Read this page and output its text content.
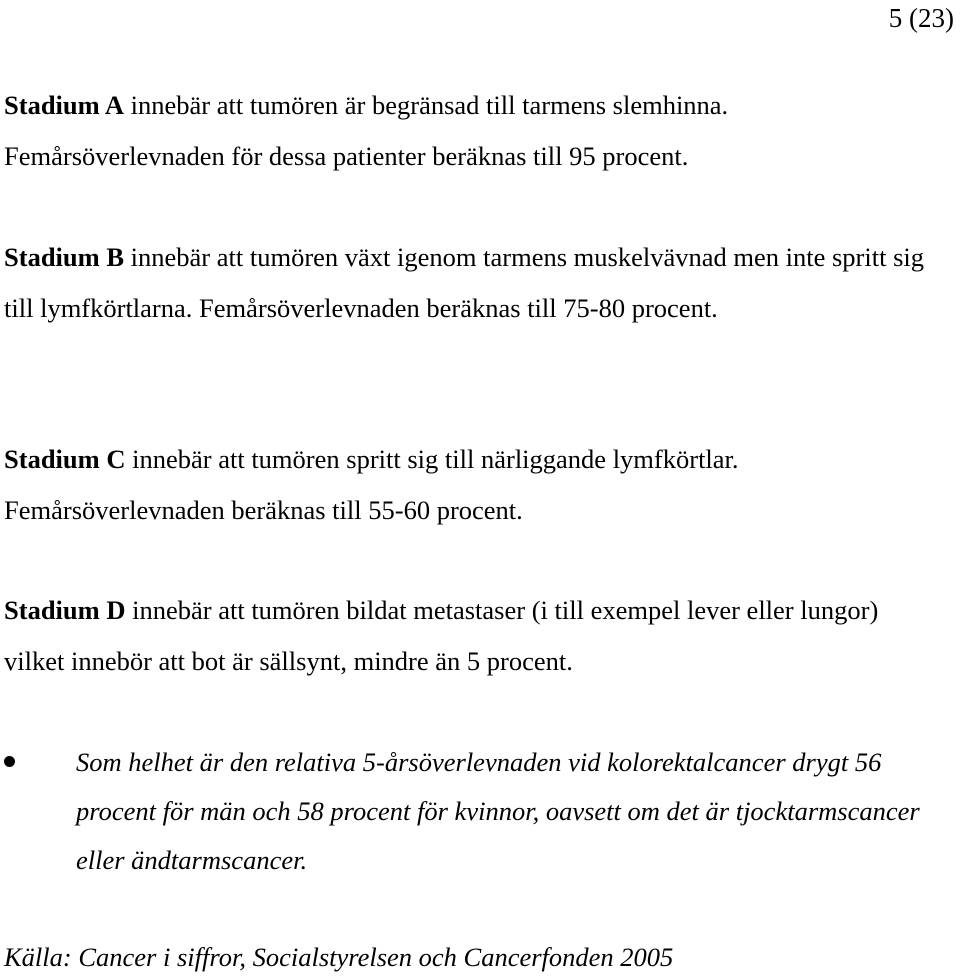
5 (23)

Stadium A innebär att tumören är begränsad till tarmens slemhinna. Femårsöverlevnaden för dessa patienter beräknas till 95 procent.

Stadium B innebär att tumören växt igenom tarmens muskelvävnad men inte spritt sig till lymfkörtlarna. Femårsöverlevnaden beräknas till 75-80 procent.

Stadium C innebär att tumören spritt sig till närliggande lymfkörtlar. Femårsöverlevnaden beräknas till 55-60 procent.

Stadium D innebär att tumören bildat metastaser (i till exempel lever eller lungor) vilket innebör att bot är sällsynt, mindre än 5 procent.

Som helhet är den relativa 5-årsöverlevnaden vid kolorektalcancer drygt 56 procent för män och 58 procent för kvinnor, oavsett om det är tjocktarmscancer eller ändtarmscancer.
Källa: Cancer i siffror, Socialstyrelsen och Cancerfonden 2005
